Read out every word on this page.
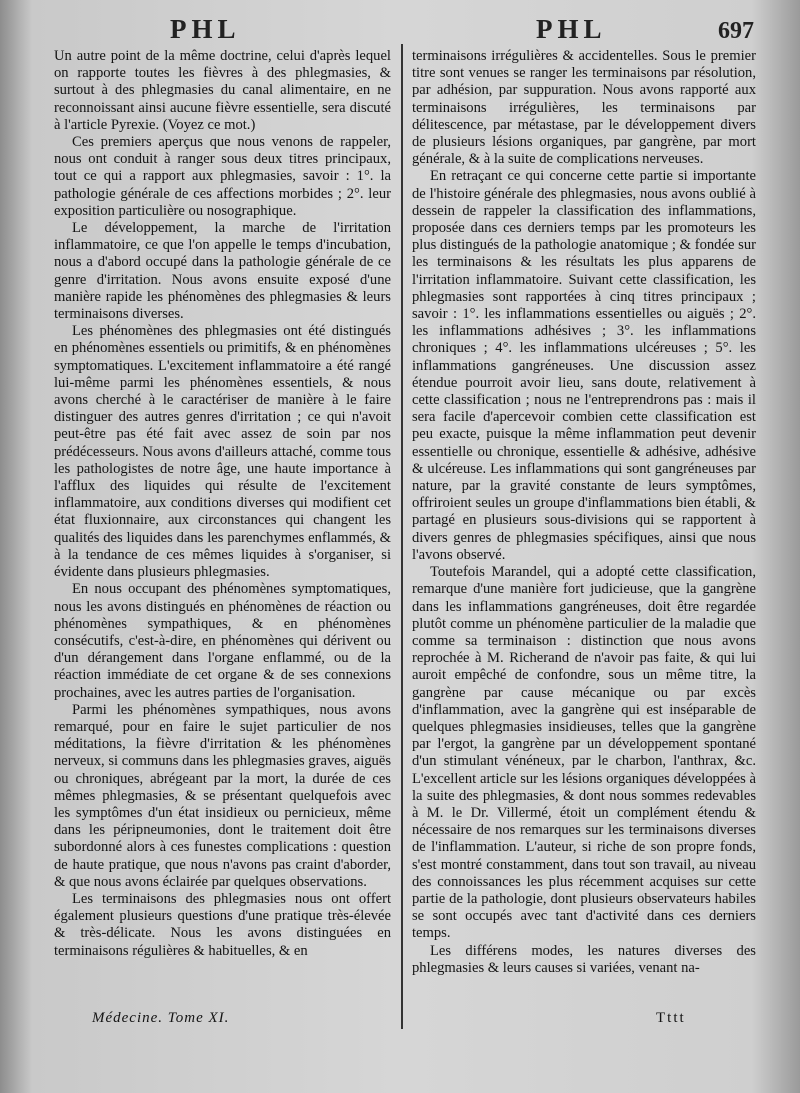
PHL	PHL	697

Un autre point de la même doctrine, celui d'après lequel on rapporte toutes les fièvres à des phlegmasies, & surtout à des phlegmasies du canal alimentaire, en ne reconnoissant ainsi aucune fièvre essentielle, sera discuté à l'article Pyrexie. (Voyez ce mot.)

Ces premiers aperçus que nous venons de rappeler, nous ont conduit à ranger sous deux titres principaux, tout ce qui a rapport aux phlegmasies, savoir : 1°. la pathologie générale de ces affections morbides ; 2°. leur exposition particulière ou nosographique.

Le développement, la marche de l'irritation inflammatoire, ce que l'on appelle le temps d'incubation, nous a d'abord occupé dans la pathologie générale de ce genre d'irritation. Nous avons ensuite exposé d'une manière rapide les phénomènes des phlegmasies & leurs terminaisons diverses.

Les phénomènes des phlegmasies ont été distingués en phénomènes essentiels ou primitifs, & en phénomènes symptomatiques. L'excitement inflammatoire a été rangé lui-même parmi les phénomènes essentiels, & nous avons cherché à le caractériser de manière à le faire distinguer des autres genres d'irritation ; ce qui n'avoit peut-être pas été fait avec assez de soin par nos prédécesseurs. Nous avons d'ailleurs attaché, comme tous les pathologistes de notre âge, une haute importance à l'afflux des liquides qui résulte de l'excitement inflammatoire, aux conditions diverses qui modifient cet état fluxionnaire, aux circonstances qui changent les qualités des liquides dans les parenchymes enflammés, & à la tendance de ces mêmes liquides à s'organiser, si évidente dans plusieurs phlegmasies.

En nous occupant des phénomènes symptomatiques, nous les avons distingués en phénomènes de réaction ou phénomènes sympathiques, & en phénomènes consécutifs, c'est-à-dire, en phénomènes qui dérivent ou d'un dérangement dans l'organe enflammé, ou de la réaction immédiate de cet organe & de ses connexions prochaines, avec les autres parties de l'organisation.

Parmi les phénomènes sympathiques, nous avons remarqué, pour en faire le sujet particulier de nos méditations, la fièvre d'irritation & les phénomènes nerveux, si communs dans les phlegmasies graves, aiguës ou chroniques, abrégeant par la mort, la durée de ces mêmes phlegmasies, & se présentant quelquefois avec les symptômes d'un état insidieux ou pernicieux, même dans les péripneumonies, dont le traitement doit être subordonné alors à ces funestes complications : question de haute pratique, que nous n'avons pas craint d'aborder, & que nous avons éclairée par quelques observations.

Les terminaisons des phlegmasies nous ont offert également plusieurs questions d'une pratique très-élevée & très-délicate. Nous les avons distinguées en terminaisons régulières & habituelles, & en

terminaisons irrégulières & accidentelles. Sous le premier titre sont venues se ranger les terminaisons par résolution, par adhésion, par suppuration. Nous avons rapporté aux terminaisons irrégulières, les terminaisons par délitescence, par métastase, par le développement divers de plusieurs lésions organiques, par gangrène, par mort générale, & à la suite de complications nerveuses.

En retraçant ce qui concerne cette partie si importante de l'histoire générale des phlegmasies, nous avons oublié à dessein de rappeler la classification des inflammations, proposée dans ces derniers temps par les promoteurs les plus distingués de la pathologie anatomique ; & fondée sur les terminaisons & les résultats les plus apparens de l'irritation inflammatoire. Suivant cette classification, les phlegmasies sont rapportées à cinq titres principaux ; savoir : 1°. les inflammations essentielles ou aiguës ; 2°. les inflammations adhésives ; 3°. les inflammations chroniques ; 4°. les inflammations ulcéreuses ; 5°. les inflammations gangréneuses. Une discussion assez étendue pourroit avoir lieu, sans doute, relativement à cette classification ; nous ne l'entreprendrons pas : mais il sera facile d'apercevoir combien cette classification est peu exacte, puisque la même inflammation peut devenir essentielle ou chronique, essentielle & adhésive, adhésive & ulcéreuse. Les inflammations qui sont gangréneuses par nature, par la gravité constante de leurs symptômes, offriroient seules un groupe d'inflammations bien établi, & partagé en plusieurs sous-divisions qui se rapportent à divers genres de phlegmasies spécifiques, ainsi que nous l'avons observé.

Toutefois Marandel, qui a adopté cette classification, remarque d'une manière fort judicieuse, que la gangrène dans les inflammations gangréneuses, doit être regardée plutôt comme un phénomène particulier de la maladie que comme sa terminaison : distinction que nous avons reprochée à M. Richerand de n'avoir pas faite, & qui lui auroit empêché de confondre, sous un même titre, la gangrène par cause mécanique ou par excès d'inflammation, avec la gangrène qui est inséparable de quelques phlegmasies insidieuses, telles que la gangrène par l'ergot, la gangrène par un développement spontané d'un stimulant vénéneux, par le charbon, l'anthrax, &c. L'excellent article sur les lésions organiques développées à la suite des phlegmasies, & dont nous sommes redevables à M. le Dr. Villermé, étoit un complément étendu & nécessaire de nos remarques sur les terminaisons diverses de l'inflammation. L'auteur, si riche de son propre fonds, s'est montré constamment, dans tout son travail, au niveau des connoissances les plus récemment acquises sur cette partie de la pathologie, dont plusieurs observateurs habiles se sont occupés avec tant d'activité dans ces derniers temps.

Les différens modes, les natures diverses des phlegmasies & leurs causes si variées, venant na-

Médecine. Tome XI.	Tttt
